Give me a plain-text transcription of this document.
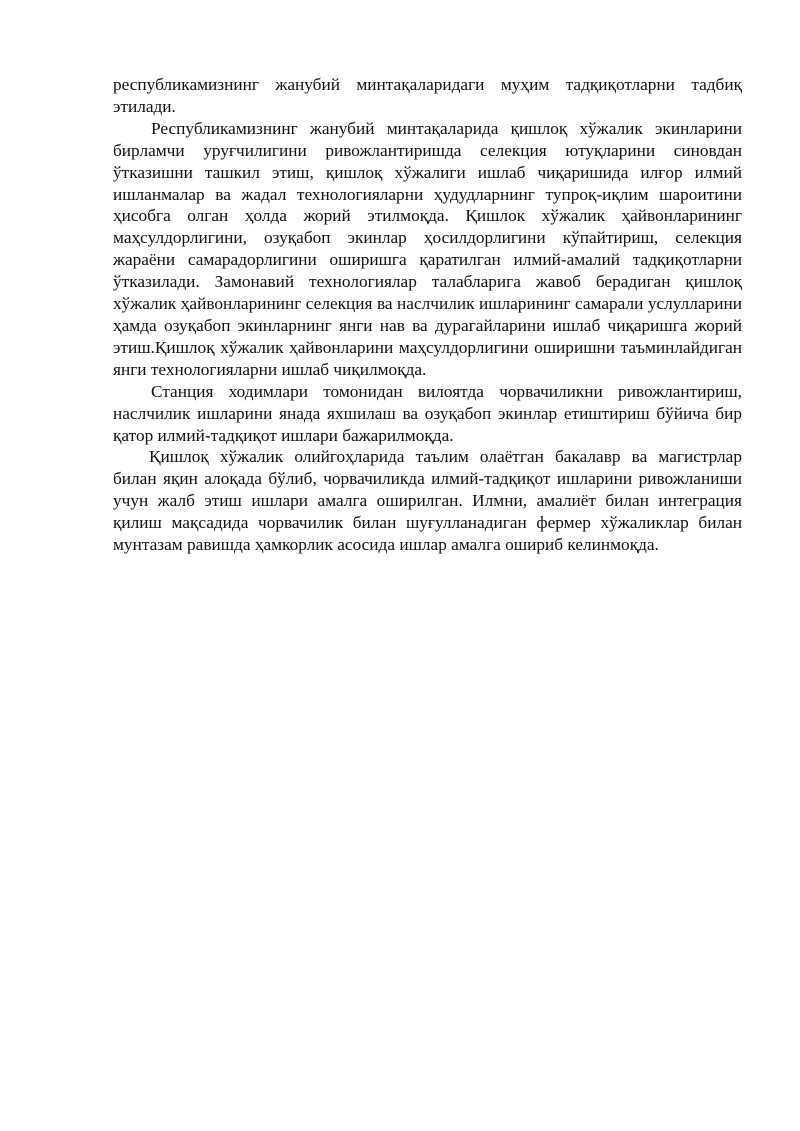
республикамизнинг жанубий минтақаларидаги муҳим тадқиқотларни тадбиқ этилади.

Республикамизнинг жанубий минтақаларида қишлоқ хўжалик экинларини бирламчи уруғчилигини ривожлантиришда селекция ютуқларини синовдан ўтказишни ташкил этиш, қишлоқ хўжалиги ишлаб чиқаришида илғор илмий ишланмалар ва жадал технологияларни ҳудудларнинг тупроқ-иқлим шароитини ҳисобга олган ҳолда жорий этилмоқда. Қишлок хўжалик ҳайвонларининг маҳсулдорлигини, озуқабоп экинлар ҳосилдорлигини кўпайтириш, селекция жараёни самарадорлигини оширишга қаратилган илмий-амалий тадқиқотларни ўтказилади. Замонавий технологиялар талабларига жавоб берадиган қишлоқ хўжалик ҳайвонларининг селекция ва наслчилик ишларининг самарали услулларини ҳамда озуқабоп экинларнинг янги нав ва дурагайларини ишлаб чиқаришга жорий этиш.Қишлоқ хўжалик ҳайвонларини маҳсулдорлигини оширишни таъминлайдиган янги технологияларни ишлаб чиқилмоқда.

Станция ходимлари томонидан вилоятда чорвачиликни ривожлантириш, наслчилик ишларини янада яхшилаш ва озуқабоп экинлар етиштириш бўйича бир қатор илмий-тадқиқот ишлари бажарилмоқда.

Қишлоқ хўжалик олийгоҳларида таълим олаётган бакалавр ва магистрлар билан яқин алоқада бўлиб, чорвачиликда илмий-тадқиқот ишларини ривожланиши учун жалб этиш ишлари амалга оширилган. Илмни, амалиёт билан интеграция қилиш мақсадида чорвачилик билан шуғулланадиган фермер хўжаликлар билан мунтазам равишда ҳамкорлик асосида ишлар амалга ошириб келинмоқда.
